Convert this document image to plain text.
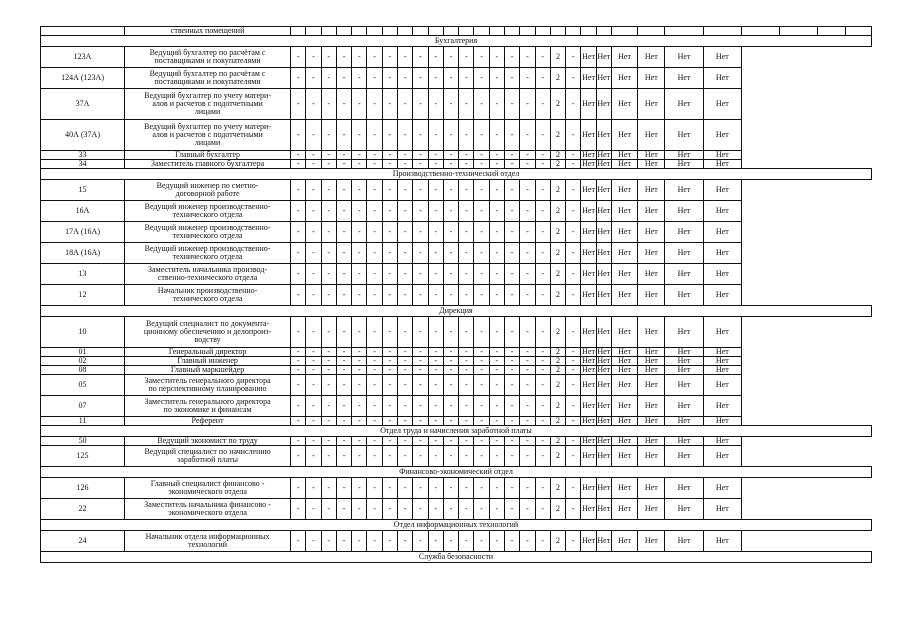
	ственных помещений																													
Бухгалтерия																														
123А	Ведущий бухгалтер по расчётам с
поставщиками и покупателями	-	-	-	-	-	-	-	-	-	-	-	-	-	-	-	-	-	2	-	Нет	Нет	Нет	Нет	Нет	Нет				
124А (123А)	Ведущий бухгалтер по расчётам с
поставщиками и покупателями	-	-	-	-	-	-	-	-	-	-	-	-	-	-	-	-	-	2	-	Нет	Нет	Нет	Нет	Нет	Нет				
37А	Ведущий бухгалтер по учету матери-
алов и расчетов с подотчетными
лицами	-	-	-	-	-	-	-	-	-	-	-	-	-	-	-	-	-	2	-	Нет	Нет	Нет	Нет	Нет	Нет				
40А (37А)	Ведущий бухгалтер по учету матери-
алов и расчетов с подотчетными
лицами	-	-	-	-	-	-	-	-	-	-	-	-	-	-	-	-	-	2	-	Нет	Нет	Нет	Нет	Нет	Нет				
33	Главный бухгалтер	-	-	-	-	-	-	-	-	-	-	-	-	-	-	-	-	-	2	-	Нет	Нет	Нет	Нет	Нет	Нет				
34	Заместитель главного бухгалтера	-	-	-	-	-	-	-	-	-	-	-	-	-	-	-	-	-	2	-	Нет	Нет	Нет	Нет	Нет	Нет				
Производственно-технический отдел																														
15	Ведущий инженер по сметно-
договорной работе	-	-	-	-	-	-	-	-	-	-	-	-	-	-	-	-	-	2	-	Нет	Нет	Нет	Нет	Нет	Нет				
16А	Ведущий инженер производственно-
технического отдела	-	-	-	-	-	-	-	-	-	-	-	-	-	-	-	-	-	2	-	Нет	Нет	Нет	Нет	Нет	Нет				
17А (16А)	Ведущий инженер производственно-
технического отдела	-	-	-	-	-	-	-	-	-	-	-	-	-	-	-	-	-	2	-	Нет	Нет	Нет	Нет	Нет	Нет				
18А (16А)	Ведущий инженер производственно-
технического отдела	-	-	-	-	-	-	-	-	-	-	-	-	-	-	-	-	-	2	-	Нет	Нет	Нет	Нет	Нет	Нет				
13	Заместитель начальника производ-
ственно-технического отдела	-	-	-	-	-	-	-	-	-	-	-	-	-	-	-	-	-	2	-	Нет	Нет	Нет	Нет	Нет	Нет				
12	Начальник производственно-
технического отдела	-	-	-	-	-	-	-	-	-	-	-	-	-	-	-	-	-	2	-	Нет	Нет	Нет	Нет	Нет	Нет				
Дирекция																														
10	Ведущий специалист по документа-
ционному обеспечению и делопроиз-
водству	-	-	-	-	-	-	-	-	-	-	-	-	-	-	-	-	-	2	-	Нет	Нет	Нет	Нет	Нет	Нет				
01	Генеральный директор	-	-	-	-	-	-	-	-	-	-	-	-	-	-	-	-	-	2	-	Нет	Нет	Нет	Нет	Нет	Нет				
02	Главный инженер	-	-	-	-	-	-	-	-	-	-	-	-	-	-	-	-	-	2	-	Нет	Нет	Нет	Нет	Нет	Нет				
08	Главный маркшейдер	-	-	-	-	-	-	-	-	-	-	-	-	-	-	-	-	-	2	-	Нет	Нет	Нет	Нет	Нет	Нет				
05	Заместитель генерального директора
по перспективному планированию	-	-	-	-	-	-	-	-	-	-	-	-	-	-	-	-	-	2	-	Нет	Нет	Нет	Нет	Нет	Нет				
07	Заместитель генерального директора
по экономике и финансам	-	-	-	-	-	-	-	-	-	-	-	-	-	-	-	-	-	2	-	Нет	Нет	Нет	Нет	Нет	Нет				
11	Референт	-	-	-	-	-	-	-	-	-	-	-	-	-	-	-	-	-	2	-	Нет	Нет	Нет	Нет	Нет	Нет				
Отдел труда и начисления заработной платы																														
50	Ведущий экономист по труду	-	-	-	-	-	-	-	-	-	-	-	-	-	-	-	-	-	2	-	Нет	Нет	Нет	Нет	Нет	Нет				
125	Ведущий специалист по начислению
заработной платы	-	-	-	-	-	-	-	-	-	-	-	-	-	-	-	-	-	2	-	Нет	Нет	Нет	Нет	Нет	Нет				
Финансово-экономический отдел																														
126	Главный специалист финансово -
экономического отдела	-	-	-	-	-	-	-	-	-	-	-	-	-	-	-	-	-	2	-	Нет	Нет	Нет	Нет	Нет	Нет				
22	Заместитель начальника финансово -
экономического отдела	-	-	-	-	-	-	-	-	-	-	-	-	-	-	-	-	-	2	-	Нет	Нет	Нет	Нет	Нет	Нет				
Отдел информационных технологий																														
24	Начальник отдела информационных
технологий	-	-	-	-	-	-	-	-	-	-	-	-	-	-	-	-	-	2	-	Нет	Нет	Нет	Нет	Нет	Нет				
Служба безопасности																														
